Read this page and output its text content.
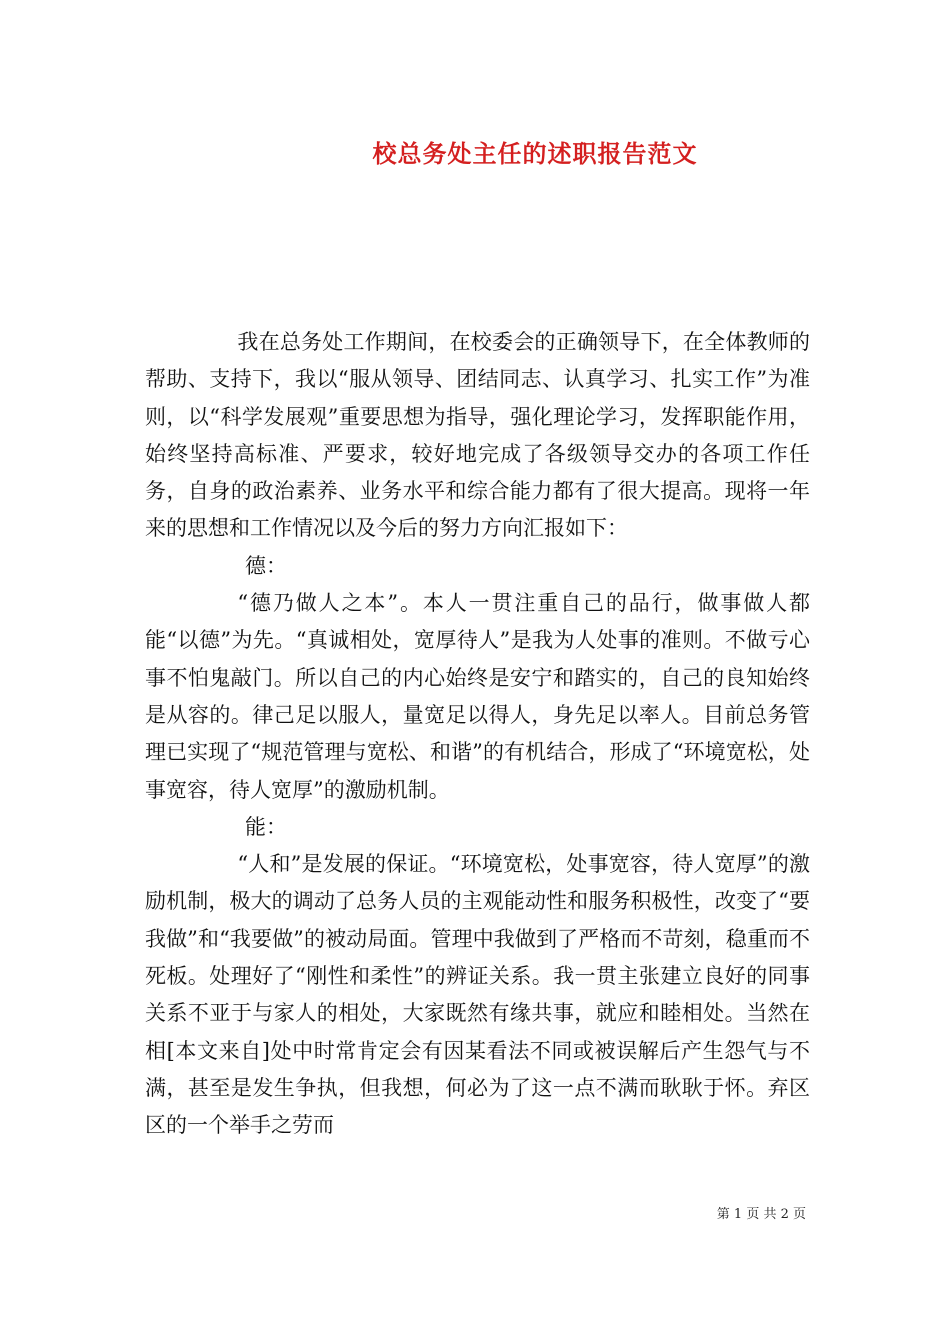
校总务处主任的述职报告范文

我在总务处工作期间，在校委会的正确领导下，在全体教师的帮助、支持下，我以“服从领导、团结同志、认真学习、扎实工作”为准则，以“科学发展观”重要思想为指导，强化理论学习，发挥职能作用，始终坚持高标准、严要求，较好地完成了各级领导交办的各项工作任务，自身的政治素养、业务水平和综合能力都有了很大提高。现将一年来的思想和工作情况以及今后的努力方向汇报如下：

德：

“德乃做人之本”。本人一贯注重自己的品行，做事做人都能“以德”为先。“真诚相处，宽厚待人”是我为人处事的准则。不做亏心事不怕鬼敲门。所以自己的内心始终是安宁和踏实的，自己的良知始终是从容的。律己足以服人，量宽足以得人，身先足以率人。目前总务管理已实现了“规范管理与宽松、和谐”的有机结合，形成了“环境宽松，处事宽容，待人宽厚”的激励机制。

能：

“人和”是发展的保证。“环境宽松，处事宽容，待人宽厚”的激励机制，极大的调动了总务人员的主观能动性和服务积极性，改变了“要我做”和“我要做”的被动局面。管理中我做到了严格而不苛刻，稳重而不死板。处理好了“刚性和柔性”的辨证关系。我一贯主张建立良好的同事关系不亚于与家人的相处，大家既然有缘共事，就应和睦相处。当然在相[本文来自]处中时常肯定会有因某看法不同或被误解后产生怨气与不满，甚至是发生争执，但我想，何必为了这一点不满而耿耿于怀。弃区区的一个举手之劳而

第 1 页 共 2 页
